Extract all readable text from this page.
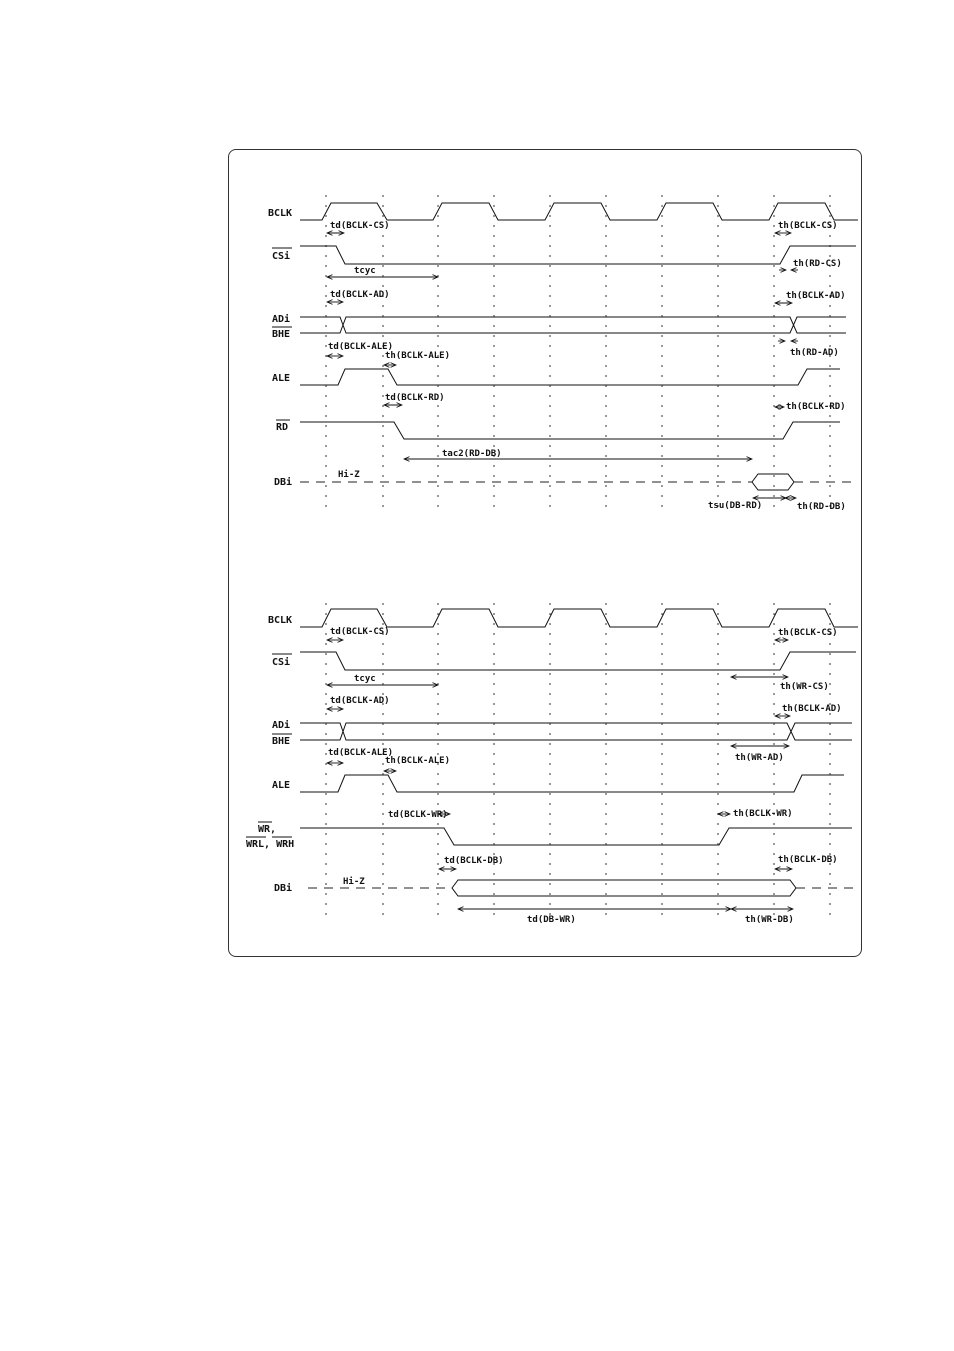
BCLK
CSi
ADi
BHE
ALE
RD
DBi
Hi-Z
td(BCLK-CS)	th(BCLK-CS)
tcyc
th(RD-CS)
td(BCLK-AD)	th(BCLK-AD)
th(RD-AD)
td(BCLK-ALE)
th(BCLK-ALE)
td(BCLK-RD)
th(BCLK-RD)
tac2(RD-DB)
tsu(DB-RD)	th(RD-DB)
BCLK
CSi
ADi
BHE
ALE
WR,
WRL, WRH
DBi
Hi-Z
td(BCLK-CS)	th(BCLK-CS)
tcyc
th(WR-CS)
td(BCLK-AD)
th(BCLK-AD)
th(WR-AD)
td(BCLK-ALE)
th(BCLK-ALE)
td(BCLK-WR)	th(BCLK-WR)
td(BCLK-DB)	th(BCLK-DB)
td(DB-WR)	th(WR-DB)
